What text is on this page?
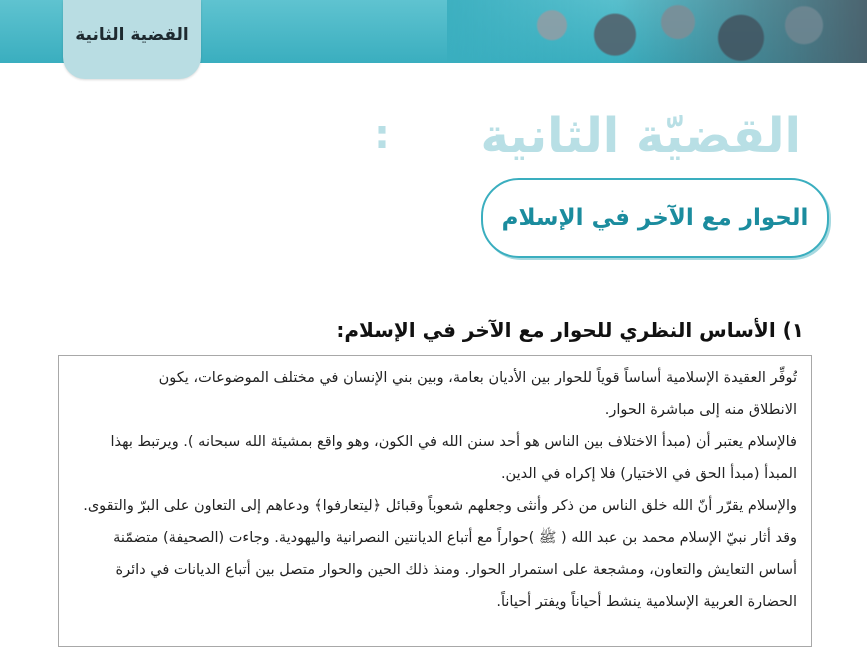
القضية الثانية
القضيّة الثانية
:
الحوار مع الآخر في الإسلام
١) الأساس النظري للحوار مع الآخر في الإسلام:
تُوفِّر العقيدة الإسلامية أساساً قوياً للحوار بين الأديان بعامة، وبين بني الإنسان في مختلف الموضوعات، يكون
الانطلاق منه إلى مباشرة الحوار.
فالإسلام يعتبر أن (مبدأ الاختلاف بين الناس هو أحد سنن الله في الكون، وهو واقع بمشيئة الله سبحانه ). ويرتبط بهذا
المبدأ (مبدأ الحق في الاختيار) فلا إكراه في الدين.
والإسلام يقرّر أنّ الله خلق الناس من ذكر وأنثى وجعلهم شعوباً وقبائل ﴿ليتعارفوا﴾ ودعاهم إلى التعاون على البرّ والتقوى.
وقد أثار نبيّ الإسلام محمد بن عبد الله ( ﷺ )حواراً مع أتباع الديانتين النصرانية واليهودية. وجاءت (الصحيفة) متضمّنة
أساس التعايش والتعاون، ومشجعة على استمرار الحوار. ومنذ ذلك الحين والحوار متصل بين أتباع الديانات في دائرة
الحضارة العربية الإسلامية ينشط أحياناً ويفتر أحياناً.
